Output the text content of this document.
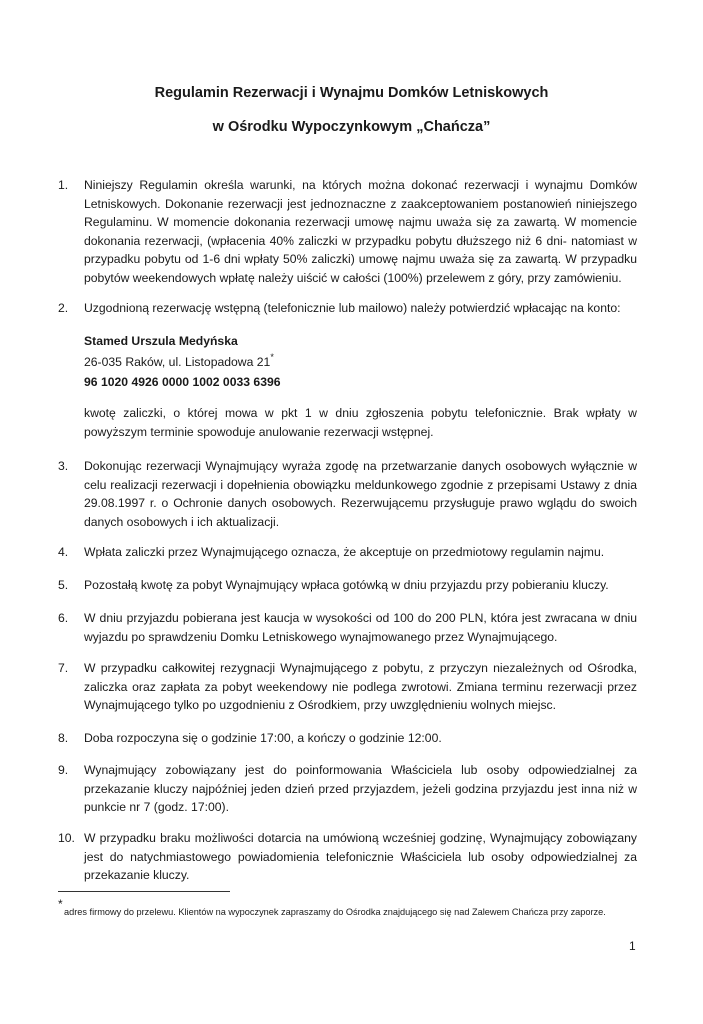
Regulamin Rezerwacji i Wynajmu Domków Letniskowych
w Ośrodku Wypoczynkowym „Chańcza”
1.	Niniejszy Regulamin określa warunki, na których można dokonać rezerwacji i wynajmu Domków Letniskowych. Dokonanie rezerwacji jest jednoznaczne z zaakceptowaniem postanowień niniejszego Regulaminu. W momencie dokonania rezerwacji umowę najmu uważa się za zawartą. W momencie dokonania rezerwacji, (wpłacenia 40% zaliczki w przypadku pobytu dłuższego niż 6 dni- natomiast w przypadku pobytu od 1-6 dni wpłaty 50% zaliczki) umowę najmu uważa się za zawartą. W przypadku pobytów weekendowych wpłatę należy uiścić w całości (100%) przelewem z góry, przy zamówieniu.
2.	Uzgodnioną rezerwację wstępną (telefonicznie lub mailowo) należy potwierdzić wpłacając na konto:
Stamed Urszula Medyńska
26-035 Raków, ul. Listopadowa 21*
96 1020 4926 0000 1002 0033 6396
kwotę zaliczki, o której mowa w pkt 1 w dniu zgłoszenia pobytu telefonicznie. Brak wpłaty w powyższym terminie spowoduje anulowanie rezerwacji wstępnej.
3.	Dokonując rezerwacji Wynajmujący wyraża zgodę na przetwarzanie danych osobowych wyłącznie w celu realizacji rezerwacji i dopełnienia obowiązku meldunkowego zgodnie z przepisami Ustawy z dnia 29.08.1997 r. o Ochronie danych osobowych. Rezerwującemu przysługuje prawo wglądu do swoich danych osobowych i ich aktualizacji.
4.	Wpłata zaliczki przez Wynajmującego oznacza, że akceptuje on przedmiotowy regulamin najmu.
5.	Pozostałą kwotę za pobyt Wynajmujący wpłaca gotówką w dniu przyjazdu przy pobieraniu kluczy.
6.	W dniu przyjazdu pobierana jest kaucja w wysokości od 100 do 200 PLN, która jest zwracana w dniu wyjazdu po sprawdzeniu Domku Letniskowego wynajmowanego przez Wynajmującego.
7.	W przypadku całkowitej rezygnacji Wynajmującego z pobytu, z przyczyn niezależnych od Ośrodka, zaliczka oraz zapłata za pobyt weekendowy nie podlega zwrotowi. Zmiana terminu rezerwacji przez Wynajmującego tylko po uzgodnieniu z Ośrodkiem, przy uwzględnieniu wolnych miejsc.
8.	Doba rozpoczyna się o godzinie 17:00, a kończy o godzinie 12:00.
9.	Wynajmujący zobowiązany jest do poinformowania Właściciela lub osoby odpowiedzialnej za przekazanie kluczy najpóźniej jeden dzień przed przyjazdem, jeżeli godzina przyjazdu jest inna niż w punkcie nr 7 (godz. 17:00).
10. W przypadku braku możliwości dotarcia na umówioną wcześniej godzinę, Wynajmujący zobowiązany jest do natychmiastowego powiadomienia telefonicznie Właściciela lub osoby odpowiedzialnej za przekazanie kluczy.
*
adres firmowy do przelewu. Klientów na wypoczynek zapraszamy do Ośrodka znajdującego się nad Zalewem Chańcza przy zaporze.
1
